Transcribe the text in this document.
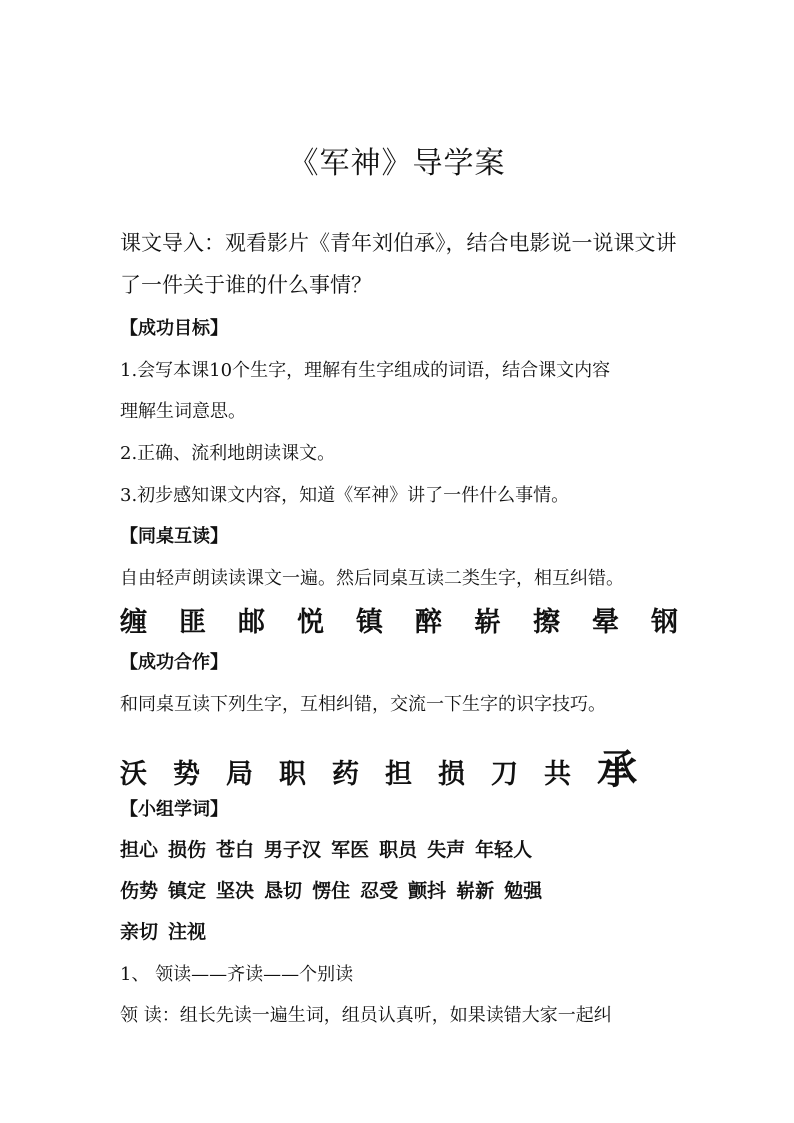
《军神》导学案
课文导入：观看影片《青年刘伯承》，结合电影说一说课文讲了一件关于谁的什么事情？
【成功目标】
1.会写本课10个生字，理解有生字组成的词语，结合课文内容
理解生词意思。
2.正确、流利地朗读课文。
3.初步感知课文内容，知道《军神》讲了一件什么事情。
【同桌互读】
自由轻声朗读读课文一遍。然后同桌互读二类生字，相互纠错。
缠 匪 邮 悦 镇 醉 崭 擦 晕 钢
【成功合作】
和同桌互读下列生字，互相纠错，交流一下生字的识字技巧。
沃 势 局 职 药 担 损 刀 共 承
【小组学词】
担心 损伤 苍白 男子汉 军医 职员 失声 年轻人
伤势 镇定 坚决 恳切 愣住 忍受 颤抖 崭新 勉强
亲切 注视
1、 领读——齐读——个别读
领 读：组长先读一遍生词，组员认真听，如果读错大家一起纠
